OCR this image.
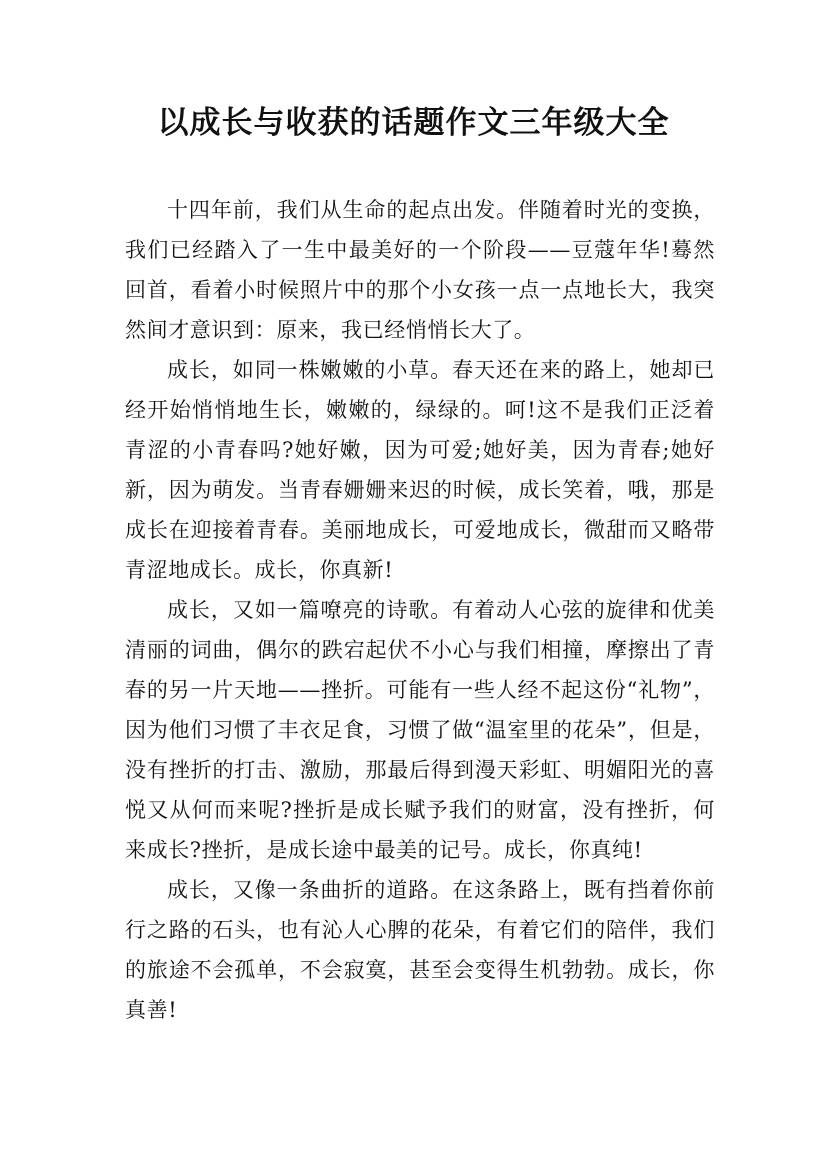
以成长与收获的话题作文三年级大全

十四年前，我们从生命的起点出发。伴随着时光的变换，我们已经踏入了一生中最美好的一个阶段——豆蔻年华!蓦然回首，看着小时候照片中的那个小女孩一点一点地长大，我突然间才意识到：原来，我已经悄悄长大了。

成长，如同一株嫩嫩的小草。春天还在来的路上，她却已经开始悄悄地生长，嫩嫩的，绿绿的。呵!这不是我们正泛着青涩的小青春吗?她好嫩，因为可爱;她好美，因为青春;她好新，因为萌发。当青春姗姗来迟的时候，成长笑着，哦，那是成长在迎接着青春。美丽地成长，可爱地成长，微甜而又略带青涩地成长。成长，你真新!

成长，又如一篇嘹亮的诗歌。有着动人心弦的旋律和优美清丽的词曲，偶尔的跌宕起伏不小心与我们相撞，摩擦出了青春的另一片天地——挫折。可能有一些人经不起这份“礼物”，因为他们习惯了丰衣足食，习惯了做“温室里的花朵”，但是，没有挫折的打击、激励，那最后得到漫天彩虹、明媚阳光的喜悦又从何而来呢?挫折是成长赋予我们的财富，没有挫折，何来成长?挫折，是成长途中最美的记号。成长，你真纯!

成长，又像一条曲折的道路。在这条路上，既有挡着你前行之路的石头，也有沁人心脾的花朵，有着它们的陪伴，我们的旅途不会孤单，不会寂寞，甚至会变得生机勃勃。成长，你真善!
